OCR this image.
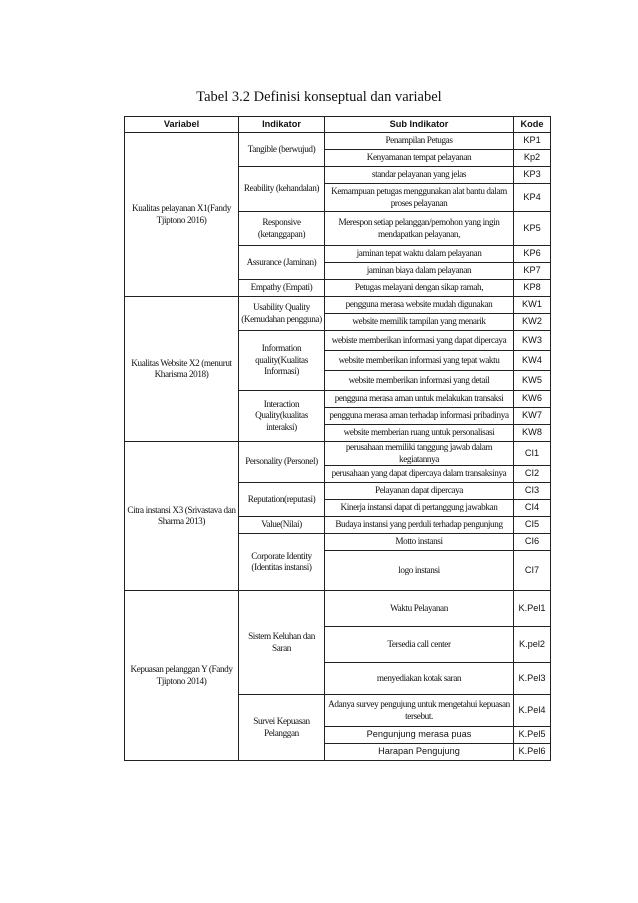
Tabel 3.2 Definisi konseptual dan variabel
Variabel	Indikator	Sub Indikator	Kode
Kualitas pelayanan X1(Fandy Tjiptono 2016)	Tangible (berwujud)	Penampilan Petugas	KP1
		Kenyamanan tempat pelayanan	Kp2
	Reability (kehandalan)	standar pelayanan yang jelas	KP3
		Kemampuan petugas menggunakan alat bantu dalam proses pelayanan	KP4
	Responsive (ketanggapan)	Merespon setiap pelanggan/pemohon yang ingin mendapatkan pelayanan,	KP5
	Assurance (Jaminan)	jaminan tepat waktu dalam pelayanan	KP6
		jaminan biaya dalam pelayanan	KP7
	Empathy (Empati)	Petugas melayani dengan sikap ramah,	KP8
Kualitas Website X2 (menurut Kharisma 2018)	Usability Quality (Kemudahan pengguna)	pengguna merasa website mudah digunakan	KW1
		website memilik tampilan yang menarik	KW2
	Information quality(Kualitas Informasi)	webiste memberikan informasi yang dapat dipercaya	KW3
		website memberikan informasi yang tepat waktu	KW4
		website memberikan informasi yang detail	KW5
	Interaction Quality(kualitas interaksi)	pengguna merasa aman untuk melakukan transaksi	KW6
		pengguna merasa aman terhadap informasi pribadinya	KW7
		website memberian ruang untuk personalisasi	KW8
Citra instansi X3 (Srivastava dan Sharma 2013)	Personality (Personel)	perusahaan memiliki tanggung jawab dalam kegiatannya	CI1
		perusahaan yang dapat dipercaya dalam transaksinya	CI2
	Reputation(reputasi)	Pelayanan dapat dipercaya	CI3
		Kinerja instansi dapat di pertanggung jawabkan	CI4
	Value(Nilai)	Budaya instansi yang perduli terhadap pengunjung	CI5
	Corporate Identity (Identitas instansi)	Motto instansi	CI6
		logo instansi	CI7
Kepuasan pelanggan Y (Fandy Tjiptono 2014)	Sistem Keluhan dan Saran	Waktu Pelayanan	K.Pel1
		Tersedia call center	K.pel2
		menyediakan kotak saran	K.Pel3
	Survei Kepuasan Pelanggan	Adanya survey pengujung untuk mengetahui kepuasan tersebut.	K.Pel4
		Pengunjung merasa puas	K.Pel5
		Harapan Pengujung	K.Pel6
